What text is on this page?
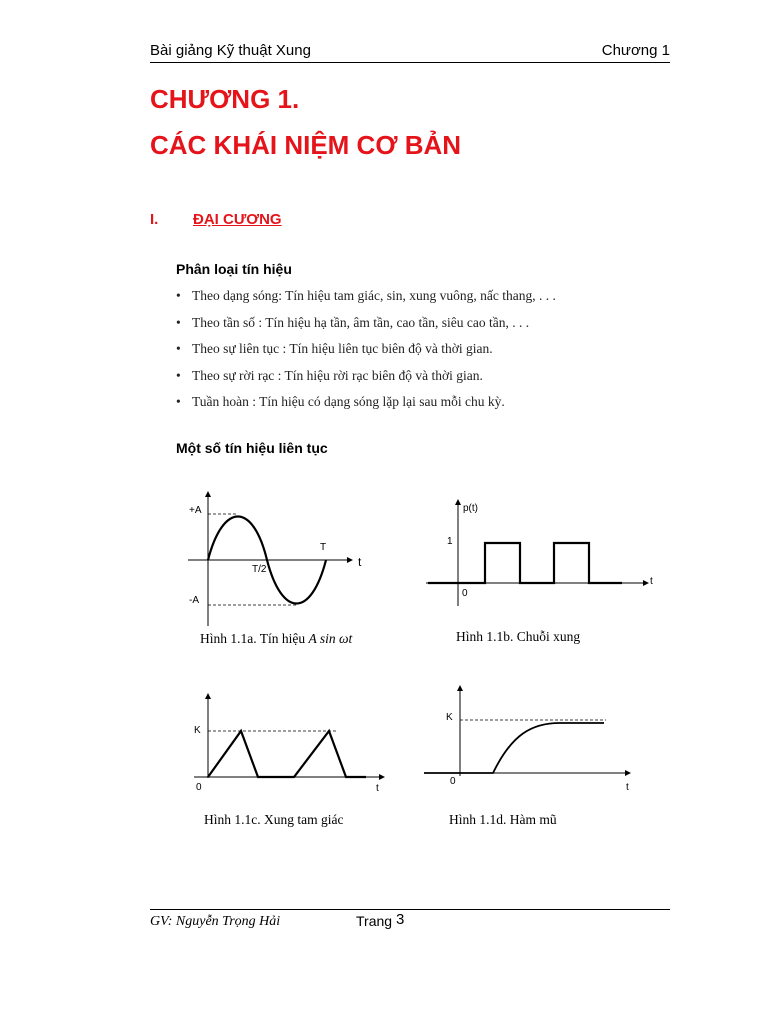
Bài giảng Kỹ thuật Xung	Chương 1
CHƯƠNG 1.
CÁC KHÁI NIỆM CƠ BẢN
I. ĐẠI CƯƠNG
Phân loại tín hiệu
• Theo dạng sóng: Tín hiệu tam giác, sin, xung vuông, nấc thang, . . .
• Theo tần số : Tín hiệu hạ tần, âm tần, cao tần, siêu cao tần, . . .
• Theo sự liên tục : Tín hiệu liên tục biên độ và thời gian.
• Theo sự rời rạc : Tín hiệu rời rạc biên độ và thời gian.
• Tuần hoàn : Tín hiệu có dạng sóng lặp lại sau mỗi chu kỳ.
Một số tín hiệu liên tục
+A
-A
T
T/2
t
Hình 1.1a. Tín hiệu A sin ωt
p(t)
1
0
t
Hình 1.1b. Chuỗi xung
K
0	t
Hình 1.1c. Xung tam giác
K
0
t
Hình 1.1d. Hàm mũ
GV: Nguyễn Trọng Hải	Trang 3
